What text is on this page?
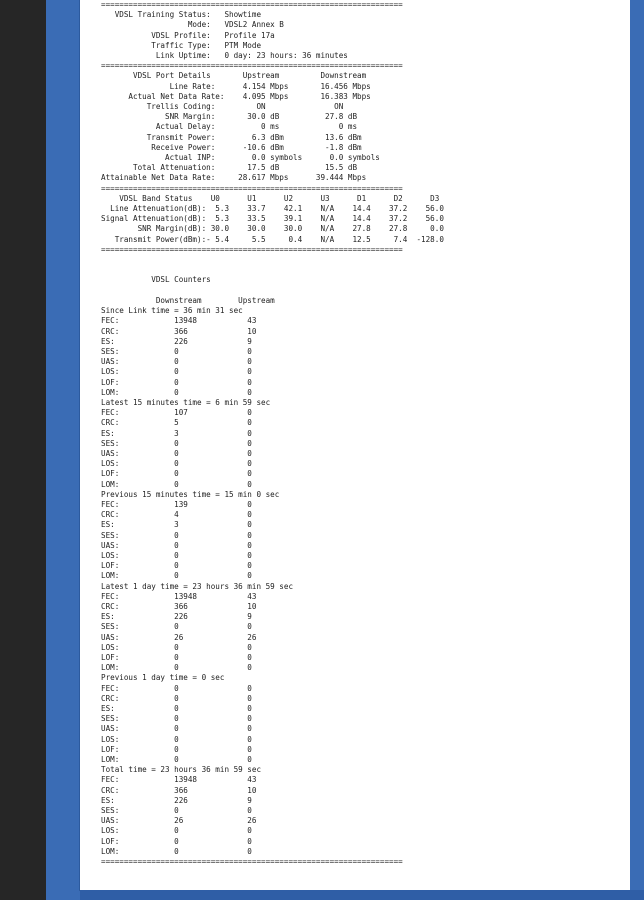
==================================================================
VDSL Training Status:   Showtime
Mode:   VDSL2 Annex B
VDSL Profile:   Profile 17a
Traffic Type:   PTM Mode
Link Uptime:   0 day: 23 hours: 36 minutes
==================================================================
VDSL Port Details       Upstream         Downstream
Line Rate:      4.154 Mbps       16.456 Mbps
Actual Net Data Rate:    4.095 Mbps       16.383 Mbps
Trellis Coding:         ON               ON
SNR Margin:       30.0 dB          27.8 dB
Actual Delay:          0 ms             0 ms
Transmit Power:        6.3 dBm         13.6 dBm
Receive Power:      -10.6 dBm         -1.8 dBm
Actual INP:        0.0 symbols      0.0 symbols
Total Attenuation:       17.5 dB          15.5 dB
Attainable Net Data Rate:     28.617 Mbps      39.444 Mbps
==================================================================
VDSL Band Status    U0      U1      U2      U3      D1      D2      D3
Line Attenuation(dB):  5.3    33.7    42.1    N/A    14.4    37.2    56.0
Signal Attenuation(dB):  5.3    33.5    39.1    N/A    14.4    37.2    56.0
SNR Margin(dB): 30.0    30.0    30.0    N/A    27.8    27.8     0.0
Transmit Power(dBm):- 5.4     5.5     0.4    N/A    12.5     7.4  -128.0
==================================================================

VDSL Counters

Downstream        Upstream
Since Link time = 36 min 31 sec
FEC:            13948           43
CRC:            366             10
ES:             226             9
SES:            0               0
UAS:            0               0
LOS:            0               0
LOF:            0               0
LOM:            0               0
Latest 15 minutes time = 6 min 59 sec
FEC:            107             0
CRC:            5               0
ES:             3               0
SES:            0               0
UAS:            0               0
LOS:            0               0
LOF:            0               0
LOM:            0               0
Previous 15 minutes time = 15 min 0 sec
FEC:            139             0
CRC:            4               0
ES:             3               0
SES:            0               0
UAS:            0               0
LOS:            0               0
LOF:            0               0
LOM:            0               0
Latest 1 day time = 23 hours 36 min 59 sec
FEC:            13948           43
CRC:            366             10
ES:             226             9
SES:            0               0
UAS:            26              26
LOS:            0               0
LOF:            0               0
LOM:            0               0
Previous 1 day time = 0 sec
FEC:            0               0
CRC:            0               0
ES:             0               0
SES:            0               0
UAS:            0               0
LOS:            0               0
LOF:            0               0
LOM:            0               0
Total time = 23 hours 36 min 59 sec
FEC:            13948           43
CRC:            366             10
ES:             226             9
SES:            0               0
UAS:            26              26
LOS:            0               0
LOF:            0               0
LOM:            0               0
==================================================================
